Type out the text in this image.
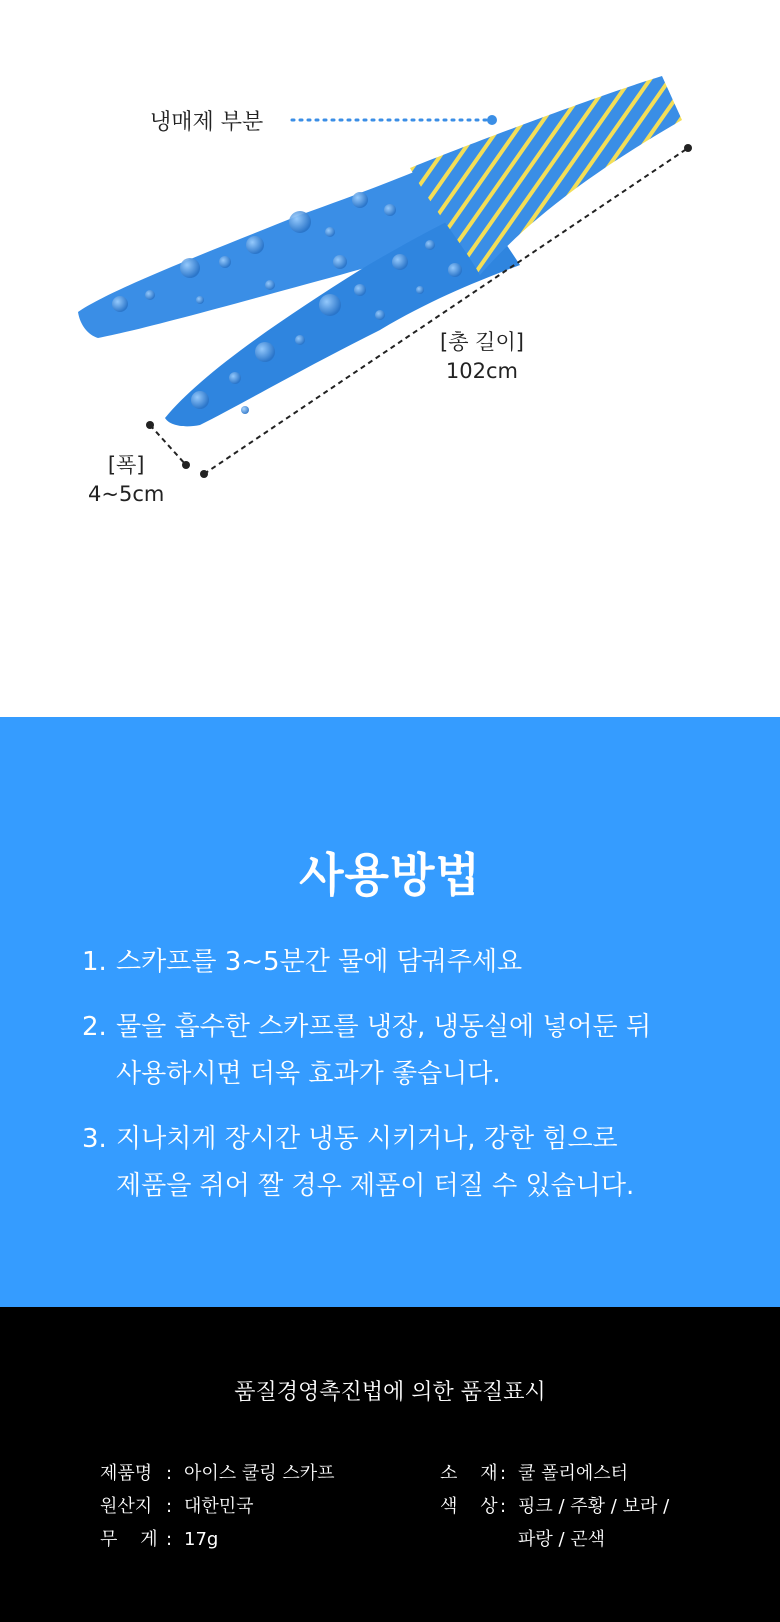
냉매제 부분
[총 길이]
102cm
[폭]
4~5cm
사용방법
1. 스카프를 3~5분간 물에 담궈주세요
2. 물을 흡수한 스카프를 냉장, 냉동실에 넣어둔 뒤
사용하시면 더욱 효과가 좋습니다.
3. 지나치게 장시간 냉동 시키거나, 강한 힘으로
제품을 쥐어 짤 경우 제품이 터질 수 있습니다.
품질경영촉진법에 의한 품질표시
제품명 : 아이스 쿨링 스카프
원산지 : 대한민국
무    게 : 17g
소    재 : 쿨 폴리에스터
색    상 : 핑크 / 주황 / 보라 /
파랑 / 곤색
